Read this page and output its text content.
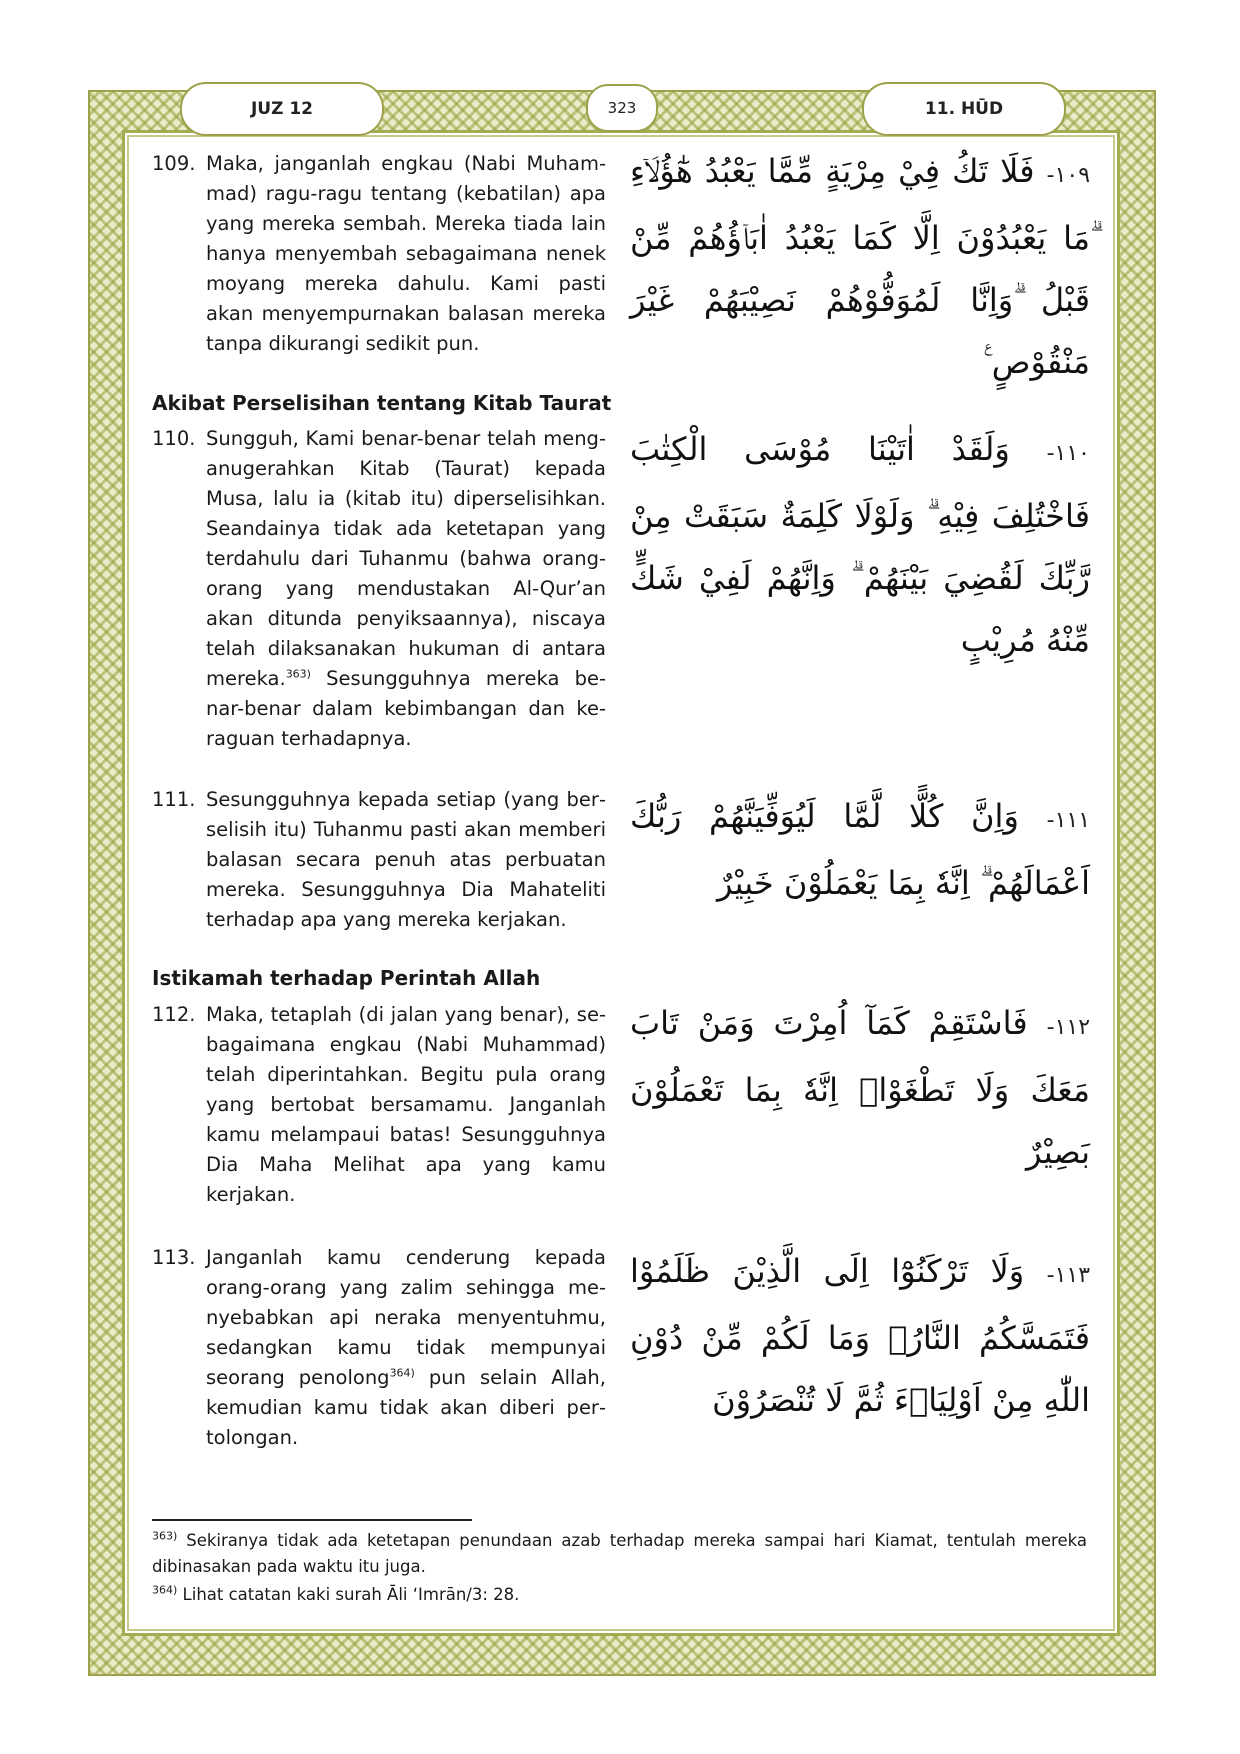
JUZ 12	323	11. HŪD
109. Maka, janganlah engkau (Nabi Muhammad) ragu-ragu tentang (kebatilan) apa yang mereka sembah. Mereka tiada lain hanya menyembah sebagaimana nenek moyang mereka dahulu. Kami pasti akan menyempurnakan balasan mereka tanpa dikurangi sedikit pun.
١٠٩- فَلَا تَكُ فِيْ مِرْيَةٍ مِّمَّا يَعْبُدُ هٰٓؤُلَاۤءِ ۗمَا يَعْبُدُوْنَ اِلَّا كَمَا يَعْبُدُ اٰبَاۤؤُهُمْ مِّنْ قَبْلُ ۗوَاِنَّا لَمُوَفُّوْهُمْ نَصِيْبَهُمْ غَيْرَ مَنْقُوْصٍ ࣖ
Akibat Perselisihan tentang Kitab Taurat
110. Sungguh, Kami benar-benar telah menganugerahkan Kitab (Taurat) kepada Musa, lalu ia (kitab itu) diperselisihkan. Seandainya tidak ada ketetapan yang terdahulu dari Tuhanmu (bahwa orang-orang yang mendustakan Al-Qur’an akan ditunda penyiksaannya), niscaya telah dilaksanakan hukuman di antara mereka.$^{363)}$ Sesungguhnya mereka benar-benar dalam kebimbangan dan keraguan terhadapnya.
١١٠- وَلَقَدْ اٰتَيْنَا مُوْسَى الْكِتٰبَ فَاخْتُلِفَ فِيْهِ ۗ وَلَوْلَا كَلِمَةٌ سَبَقَتْ مِنْ رَّبِّكَ لَقُضِيَ بَيْنَهُمْ ۗ وَاِنَّهُمْ لَفِيْ شَكٍّ مِّنْهُ مُرِيْبٍ
111. Sesungguhnya kepada setiap (yang berselisih itu) Tuhanmu pasti akan memberi balasan secara penuh atas perbuatan mereka. Sesungguhnya Dia Mahateliti terhadap apa yang mereka kerjakan.
١١١- وَاِنَّ كُلًّا لَّمَّا لَيُوَفِّيَنَّهُمْ رَبُّكَ اَعْمَالَهُمْ ۗ اِنَّهٗ بِمَا يَعْمَلُوْنَ خَبِيْرٌ
Istikamah terhadap Perintah Allah
112. Maka, tetaplah (di jalan yang benar), sebagaimana engkau (Nabi Muhammad) telah diperintahkan. Begitu pula orang yang bertobat bersamamu. Janganlah kamu melampaui batas! Sesungguhnya Dia Maha Melihat apa yang kamu kerjakan.
١١٢- فَاسْتَقِمْ كَمَآ اُمِرْتَ وَمَنْ تَابَ مَعَكَ وَلَا تَطْغَوْاۗ اِنَّهٗ بِمَا تَعْمَلُوْنَ بَصِيْرٌ
113. Janganlah kamu cenderung kepada orang-orang yang zalim sehingga menyebabkan api neraka menyentuhmu, sedangkan kamu tidak mempunyai seorang penolong$^{364)}$ pun selain Allah, kemudian kamu tidak akan diberi pertolongan.
١١٣- وَلَا تَرْكَنُوْٓا اِلَى الَّذِيْنَ ظَلَمُوْا فَتَمَسَّكُمُ النَّارُۙ وَمَا لَكُمْ مِّنْ دُوْنِ اللّٰهِ مِنْ اَوْلِيَاۤءَ ثُمَّ لَا تُنْصَرُوْنَ
$^{363)}$ Sekiranya tidak ada ketetapan penundaan azab terhadap mereka sampai hari Kiamat, tentulah mereka dibinasakan pada waktu itu juga.
$^{364)}$ Lihat catatan kaki surah Āli ‘Imrān/3: 28.
